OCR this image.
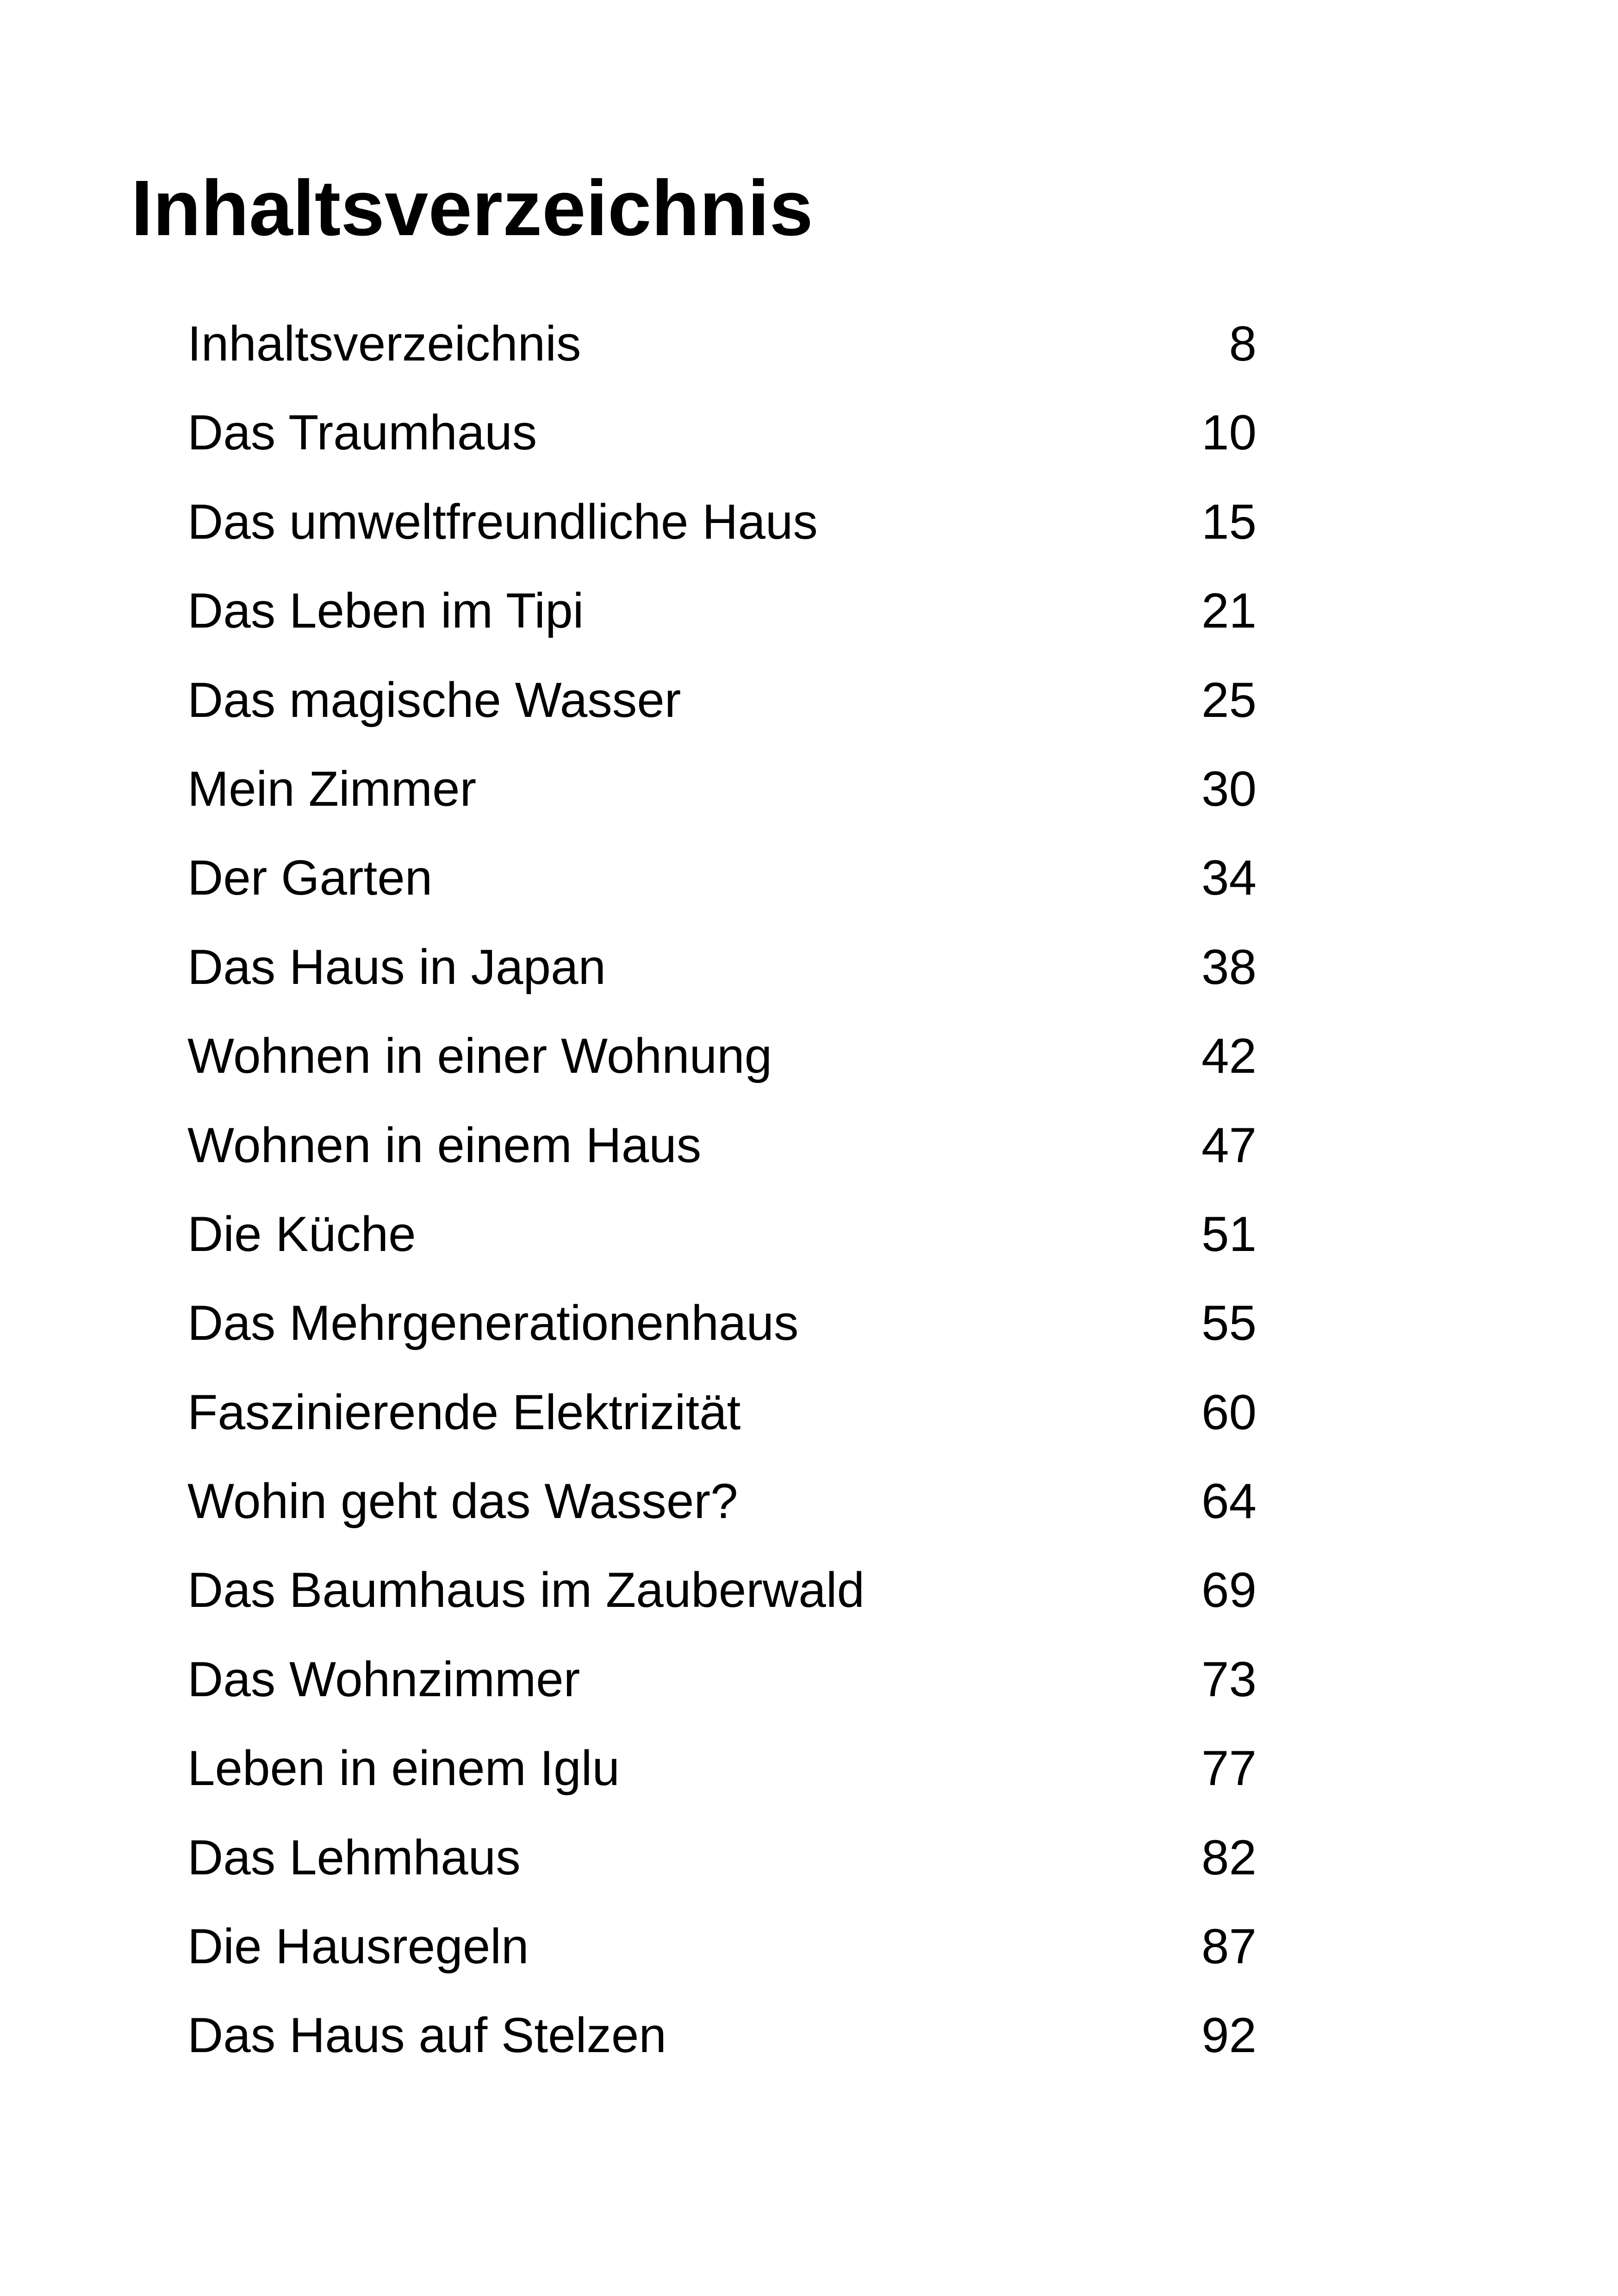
Inhaltsverzeichnis
Inhaltsverzeichnis	8
Das Traumhaus	10
Das umweltfreundliche Haus	15
Das Leben im Tipi	21
Das magische Wasser	25
Mein Zimmer	30
Der Garten	34
Das Haus in Japan	38
Wohnen in einer Wohnung	42
Wohnen in einem Haus	47
Die Küche	51
Das Mehrgenerationenhaus	55
Faszinierende Elektrizität	60
Wohin geht das Wasser?	64
Das Baumhaus im Zauberwald	69
Das Wohnzimmer	73
Leben in einem Iglu	77
Das Lehmhaus	82
Die Hausregeln	87
Das Haus auf Stelzen	92
